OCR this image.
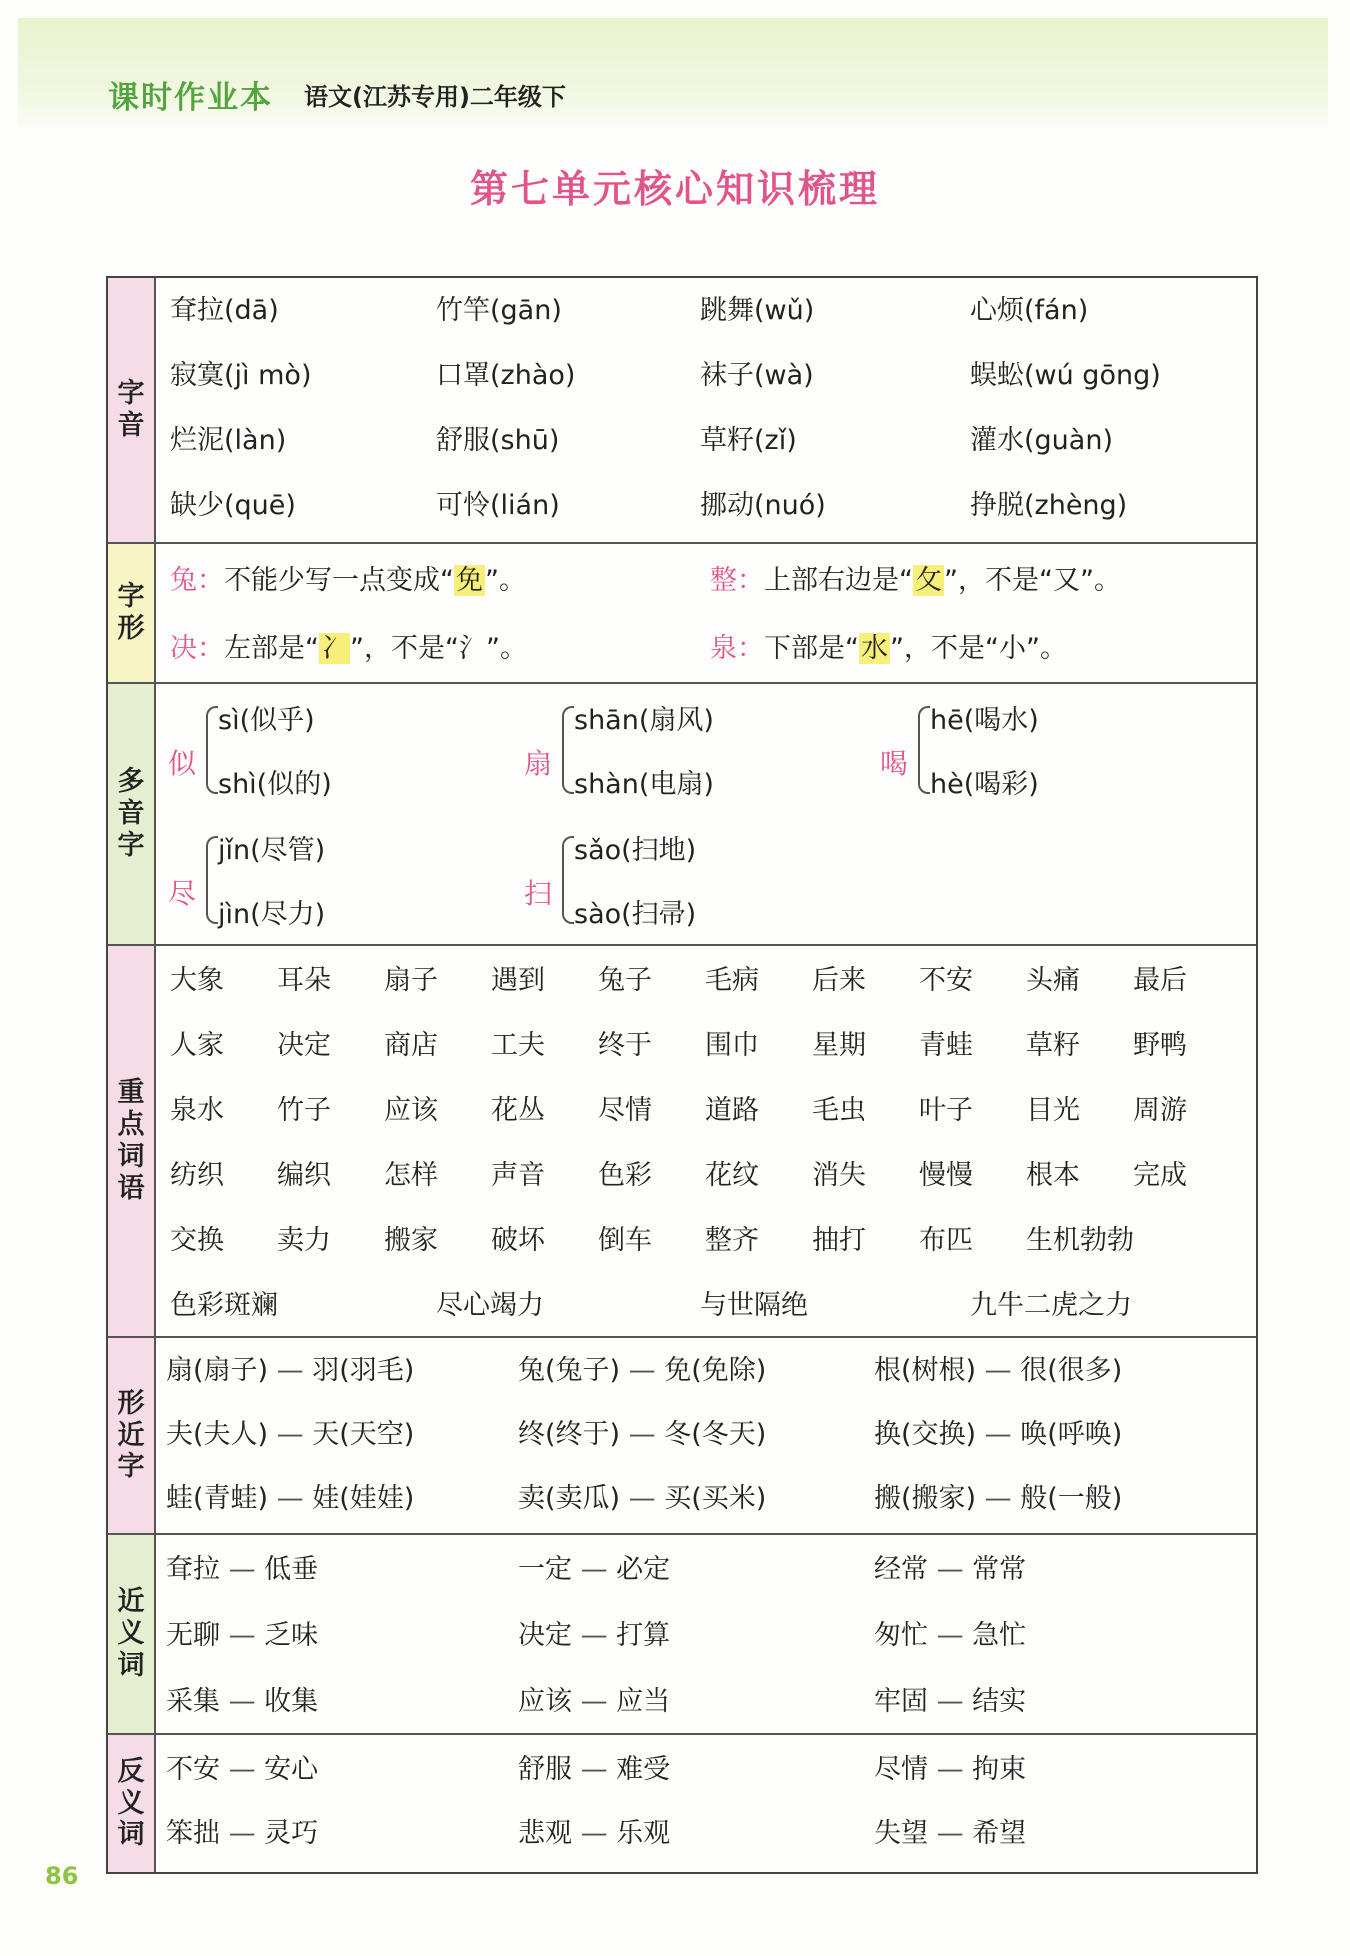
课时作业本 语文(江苏专用)二年级下
第七单元核心知识梳理
字音
耷拉(dā)	竹竿(gān)	跳舞(wǔ)	心烦(fán)
寂寞(jì mò)	口罩(zhào)	袜子(wà)	蜈蚣(wú gōng)
烂泥(làn)	舒服(shū)	草籽(zǐ)	灌水(guàn)
缺少(quē)	可怜(lián)	挪动(nuó)	挣脱(zhèng)
字形
兔：不能少写一点变成“免”。	整：上部右边是“攵”，不是“又”。
决：左部是“冫”，不是“氵”。	泉：下部是“水”，不是“小”。
多音字
似
sì(似乎)
shì(似的)
扇
shān(扇风)
shàn(电扇)
喝
hē(喝水)
hè(喝彩)
尽
jǐn(尽管)
jìn(尽力)
扫
sǎo(扫地)
sào(扫帚)
重点词语
大象 耳朵 扇子 遇到 兔子 毛病 后来 不安 头痛 最后
人家 决定 商店 工夫 终于 围巾 星期 青蛙 草籽 野鸭
泉水 竹子 应该 花丛 尽情 道路 毛虫 叶子 目光 周游
纺织 编织 怎样 声音 色彩 花纹 消失 慢慢 根本 完成
交换 卖力 搬家 破坏 倒车 整齐 抽打 布匹 生机勃勃
色彩斑斓	尽心竭力	与世隔绝	九牛二虎之力
形近字
扇(扇子) — 羽(羽毛)	兔(兔子) — 免(免除)	根(树根) — 很(很多)
夫(夫人) — 天(天空)	终(终于) — 冬(冬天)	换(交换) — 唤(呼唤)
蛙(青蛙) — 娃(娃娃)	卖(卖瓜) — 买(买米)	搬(搬家) — 般(一般)
近义词
耷拉 — 低垂	一定 — 必定	经常 — 常常
无聊 — 乏味	决定 — 打算	匆忙 — 急忙
采集 — 收集	应该 — 应当	牢固 — 结实
反义词
不安 — 安心	舒服 — 难受	尽情 — 拘束
笨拙 — 灵巧	悲观 — 乐观	失望 — 希望
86
